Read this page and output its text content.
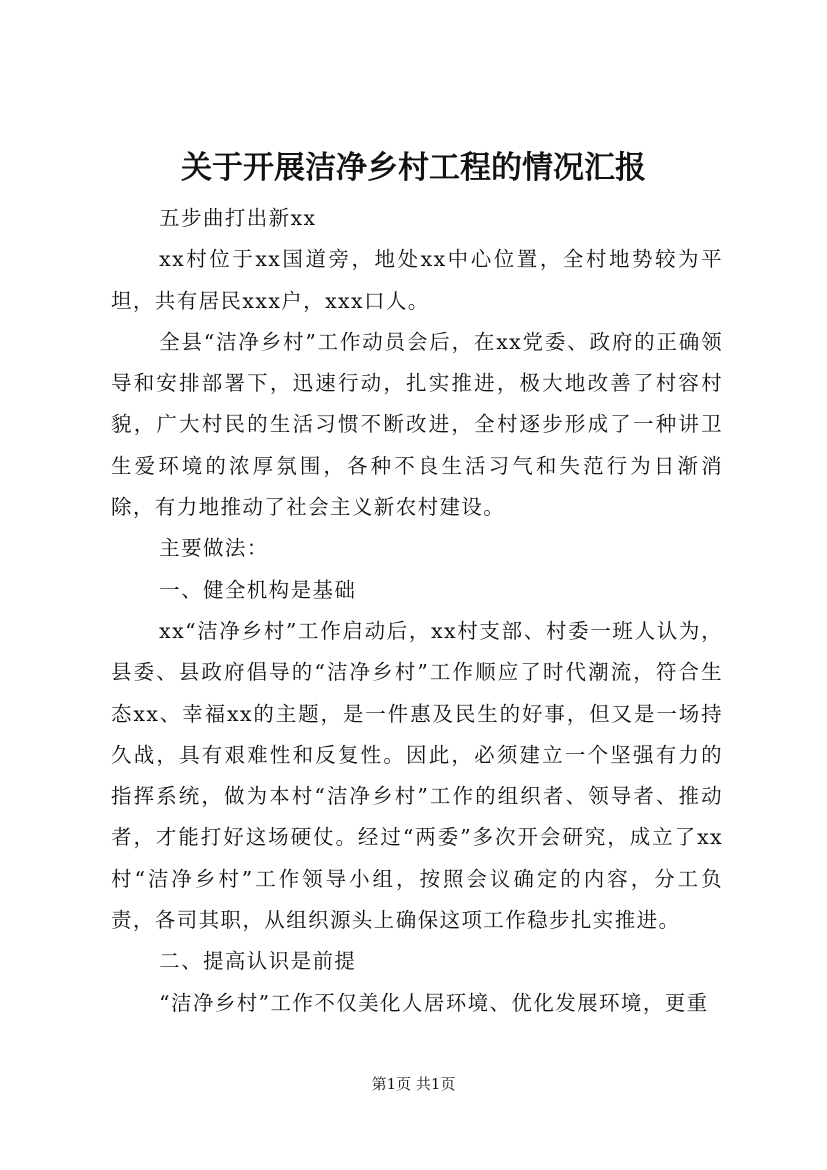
关于开展洁净乡村工程的情况汇报

五步曲打出新xx

xx村位于xx国道旁，地处xx中心位置，全村地势较为平坦，共有居民xxx户，xxx口人。

全县“洁净乡村”工作动员会后，在xx党委、政府的正确领导和安排部署下，迅速行动，扎实推进，极大地改善了村容村貌，广大村民的生活习惯不断改进，全村逐步形成了一种讲卫生爱环境的浓厚氛围，各种不良生活习气和失范行为日渐消除，有力地推动了社会主义新农村建设。

主要做法：

一、健全机构是基础

xx“洁净乡村”工作启动后，xx村支部、村委一班人认为，县委、县政府倡导的“洁净乡村”工作顺应了时代潮流，符合生态xx、幸福xx的主题，是一件惠及民生的好事，但又是一场持久战，具有艰难性和反复性。因此，必须建立一个坚强有力的指挥系统，做为本村“洁净乡村”工作的组织者、领导者、推动者，才能打好这场硬仗。经过“两委”多次开会研究，成立了xx村“洁净乡村”工作领导小组，按照会议确定的内容，分工负责，各司其职，从组织源头上确保这项工作稳步扎实推进。

二、提高认识是前提

“洁净乡村”工作不仅美化人居环境、优化发展环境，更重

第1页 共1页
